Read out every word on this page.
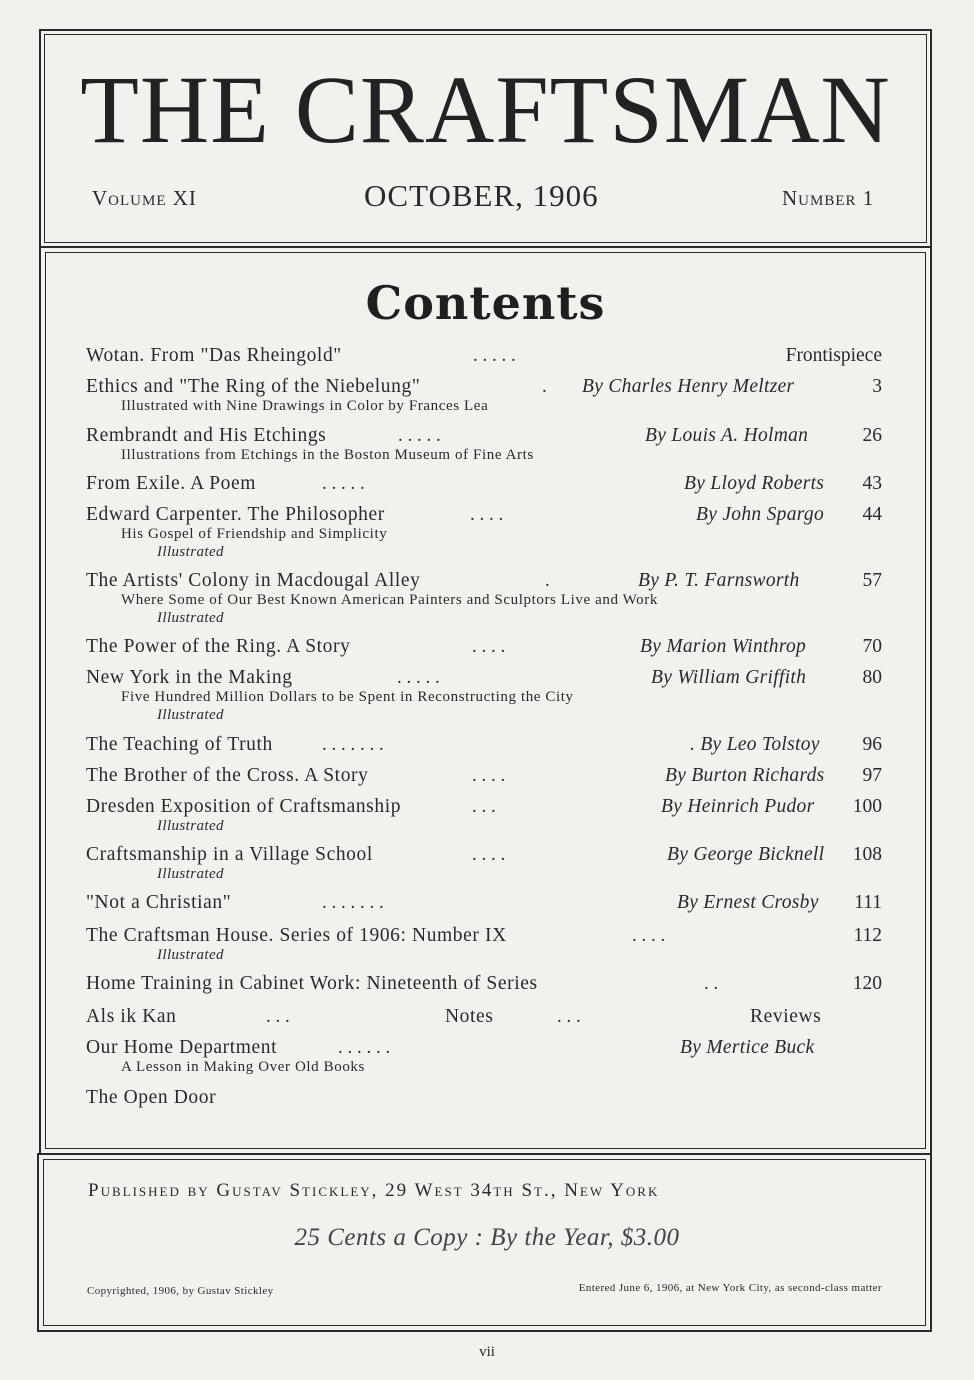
THE CRAFTSMAN
Volume XI	OCTOBER, 1906	Number 1
Contents
Wotan. From "Das Rheingold"	. . . . .	Frontispiece
Ethics and "The Ring of the Niebelung"	. By Charles Henry Meltzer	3
Illustrated with Nine Drawings in Color by Frances Lea
Rembrandt and His Etchings	. . . . .	By Louis A. Holman	26
Illustrations from Etchings in the Boston Museum of Fine Arts
From Exile. A Poem	. . . . .	By Lloyd Roberts 43
Edward Carpenter. The Philosopher	. . . .	By John Spargo 44
His Gospel of Friendship and Simplicity
Illustrated
The Artists' Colony in Macdougal Alley	.	By P. T. Farnsworth	57
Where Some of Our Best Known American Painters and Sculptors Live and Work
Illustrated
The Power of the Ring. A Story	. . . .	By Marion Winthrop	70
New York in the Making	. . . . .	By William Griffith	80
Five Hundred Million Dollars to be Spent in Reconstructing the City
Illustrated
The Teaching of Truth	. . . . . . .	. By Leo Tolstoy 96
The Brother of the Cross. A Story	. . . .	By Burton Richards 97
Dresden Exposition of Craftsmanship	. . .	By Heinrich Pudor 100
Illustrated
Craftsmanship in a Village School	. . . .	By George Bicknell 108
Illustrated
"Not a Christian"	. . . . . . .	By Ernest Crosby 111
The Craftsman House. Series of 1906: Number IX	. . . .	112
Illustrated
Home Training in Cabinet Work: Nineteenth of Series	. .	120
Als ik Kan	. . .	Notes	. . .	Reviews
Our Home Department	. . . . . .	By Mertice Buck
A Lesson in Making Over Old Books
The Open Door
Published by Gustav Stickley, 29 West 34th St., New York
25 Cents a Copy : By the Year, $3.00
Copyrighted, 1906, by Gustav Stickley	Entered June 6, 1906, at New York City, as second-class matter
vii
